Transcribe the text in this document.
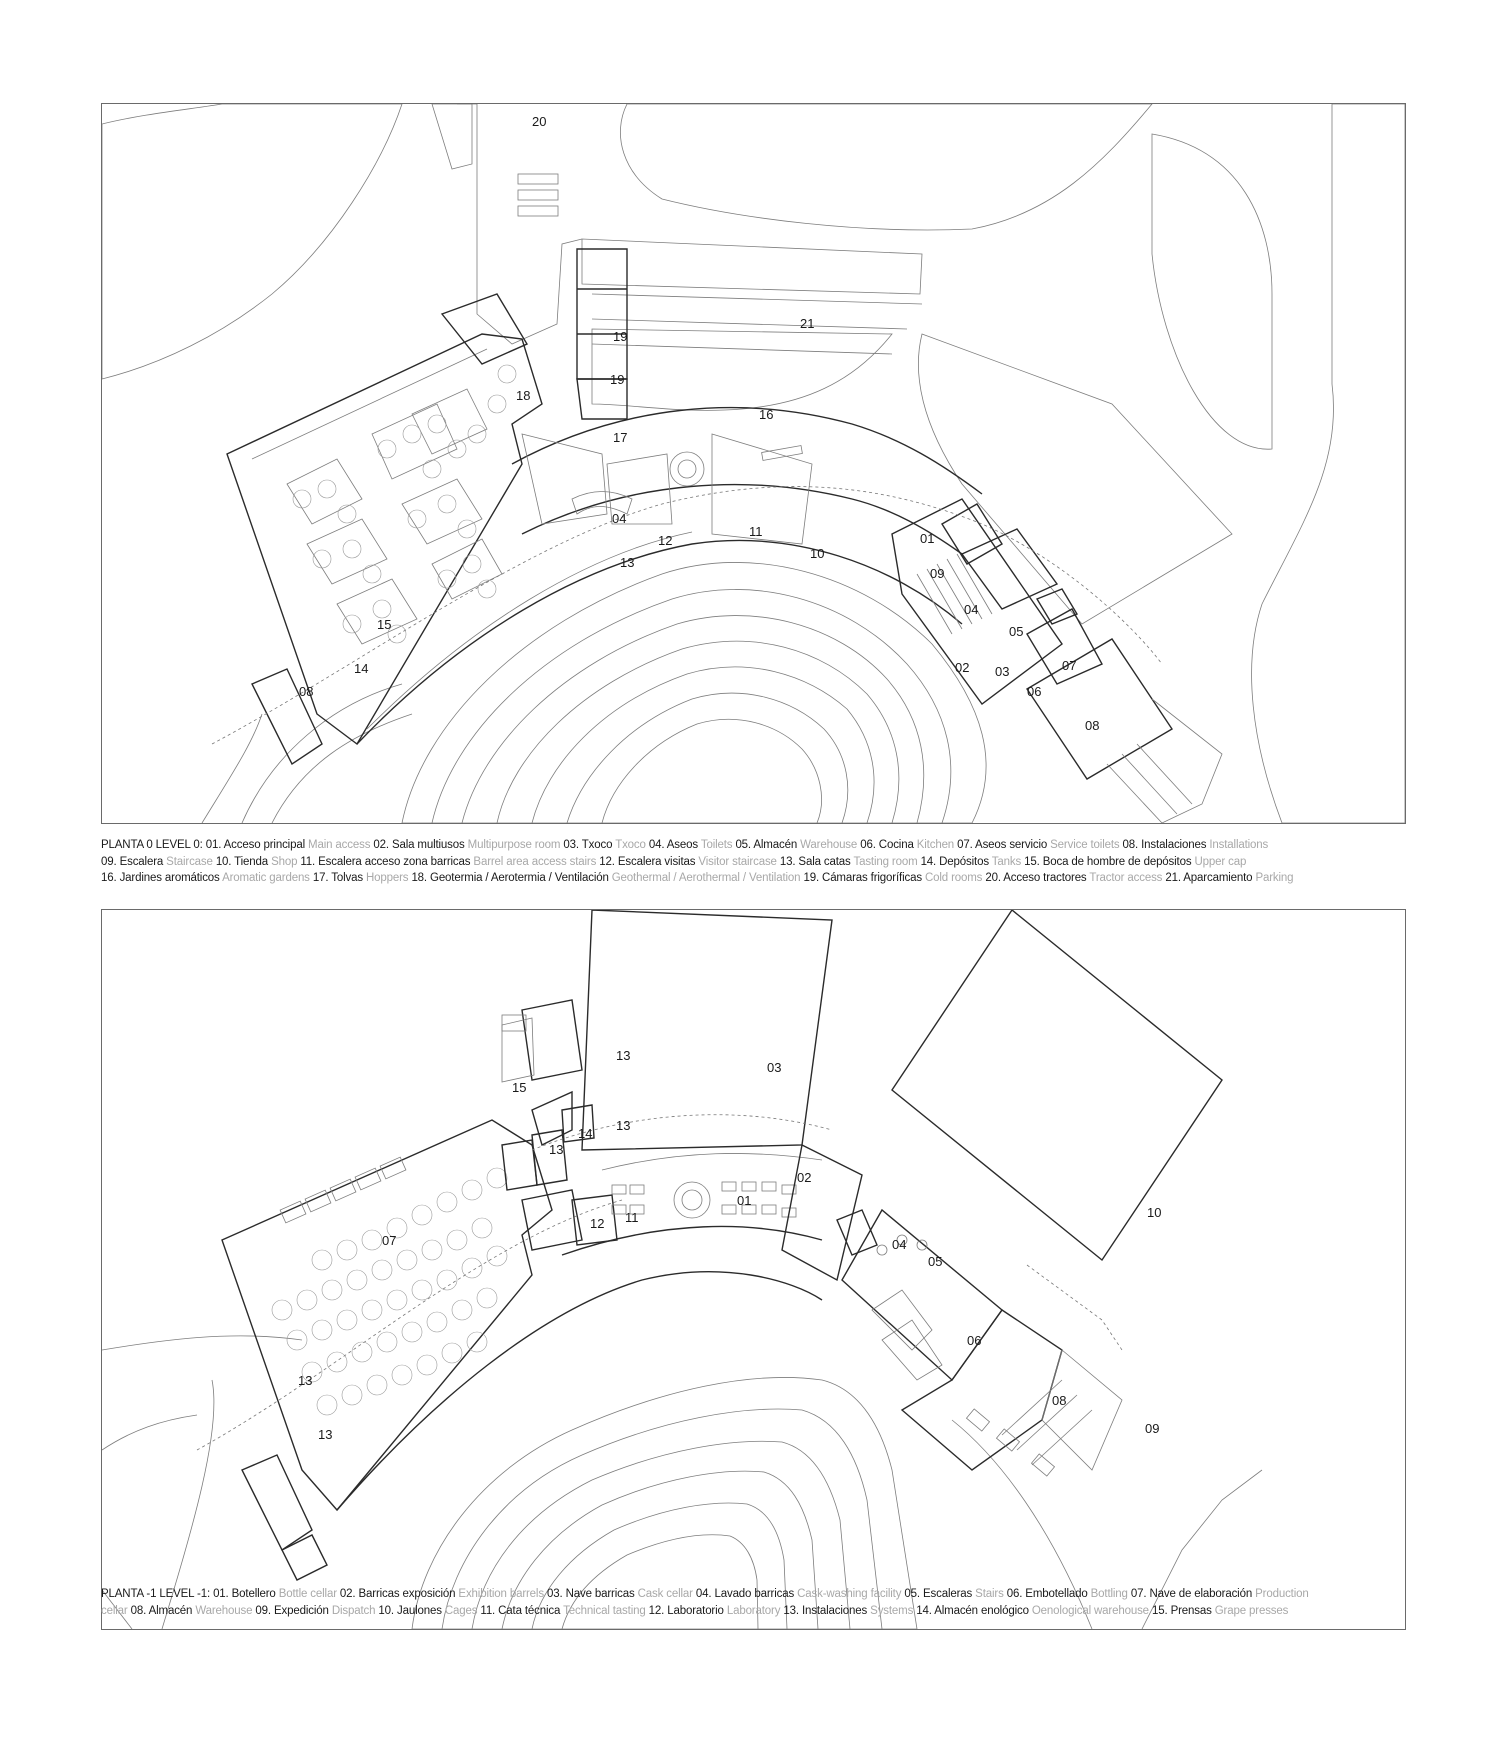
01
02 03
04
04
05
06
07
08
08
09
10
11
12
13
14
15
16
17
18
19
19
20
21
PLANTA 0 LEVEL 0: 01. Acceso principal Main access 02. Sala multiusos Multipurpose room 03. Txoco Txoco 04. Aseos Toilets 05. Almacén Warehouse 06. Cocina Kitchen 07. Aseos servicio Service toilets 08. Instalaciones Installations
09. Escalera Staircase 10. Tienda Shop 11. Escalera acceso zona barricas Barrel area access stairs 12. Escalera visitas Visitor staircase 13. Sala catas Tasting room 14. Depósitos Tanks 15. Boca de hombre de depósitos Upper cap
16. Jardines aromáticos Aromatic gardens 17. Tolvas Hoppers 18. Geotermia / Aerotermia / Ventilación Geothermal / Aerothermal / Ventilation 19. Cámaras frigoríficas Cold rooms 20. Acceso tractores Tractor access 21. Aparcamiento Parking
01
02
03
04
05
06
07
08
09
10
11
12
13
13
13
13
13
14
15
PLANTA -1 LEVEL -1: 01. Botellero Bottle cellar 02. Barricas exposición Exhibition barrels 03. Nave barricas Cask cellar 04. Lavado barricas Cask-washing facility 05. Escaleras Stairs 06. Embotellado Bottling 07. Nave de elaboración Production
cellar 08. Almacén Warehouse 09. Expedición Dispatch 10. Jaulones Cages 11. Cata técnica Technical tasting 12. Laboratorio Laboratory 13. Instalaciones Systems 14. Almacén enológico Oenological warehouse 15. Prensas Grape presses
